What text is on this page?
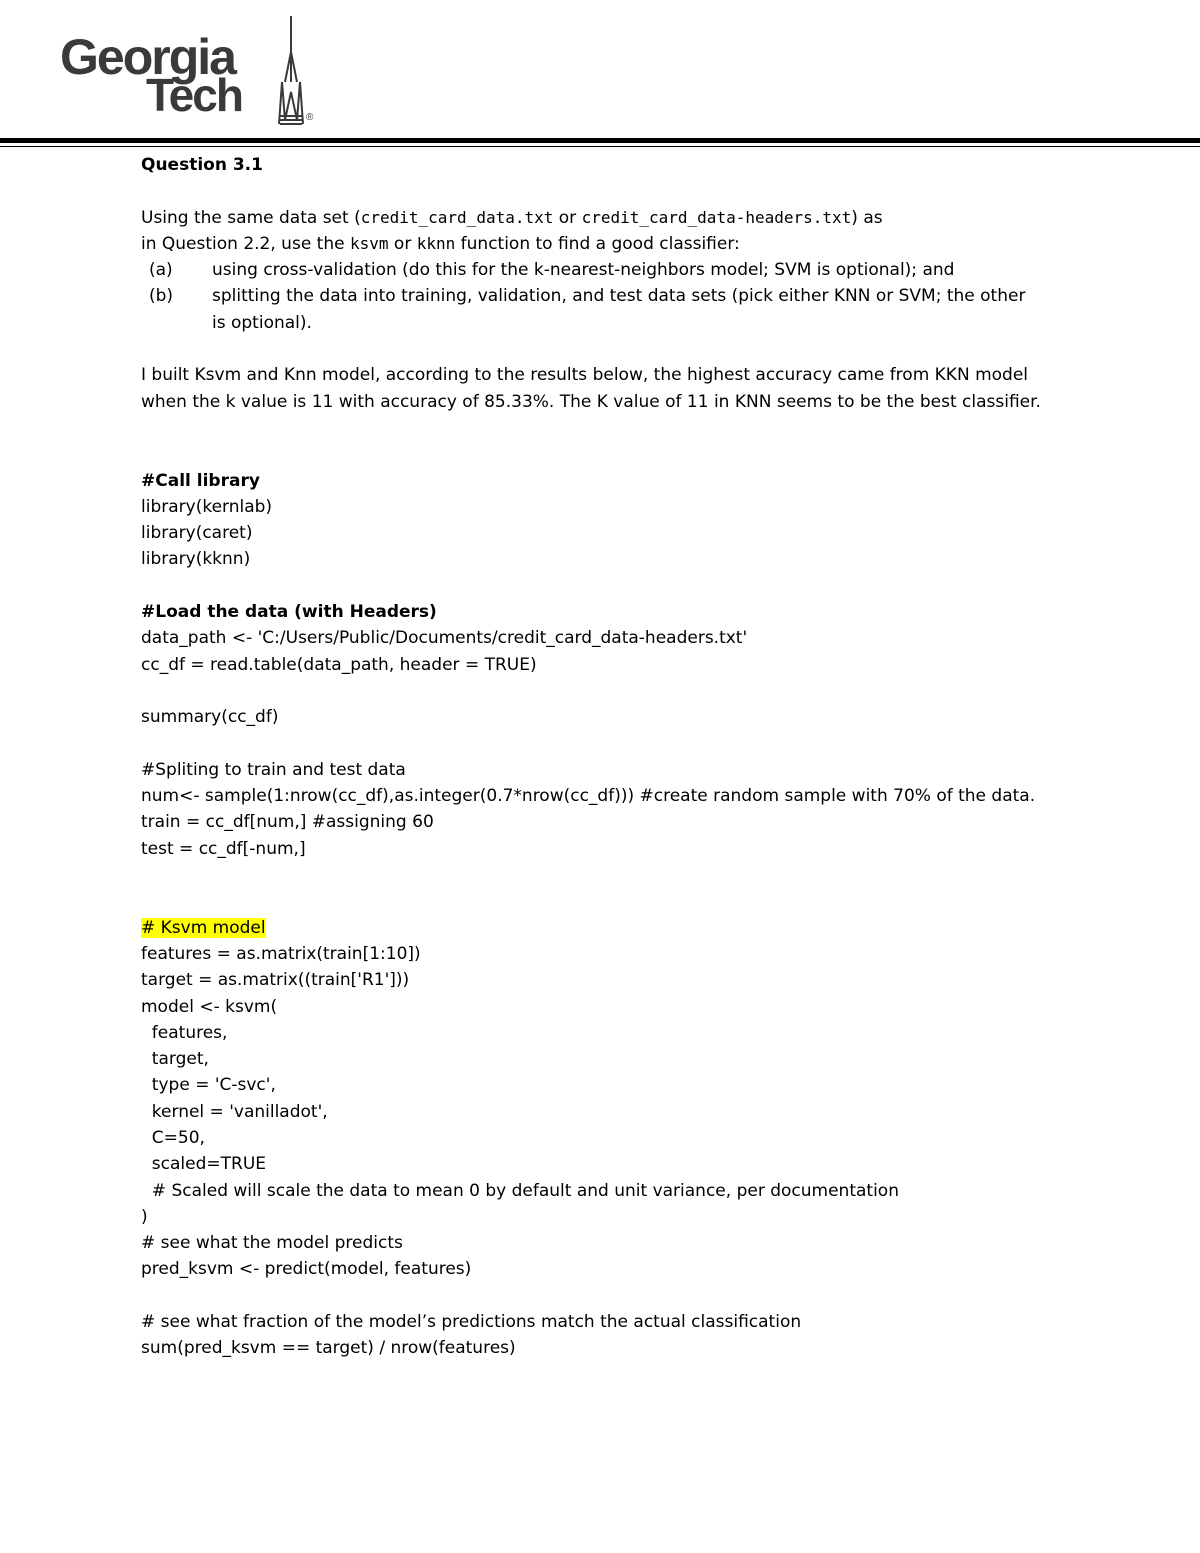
Georgia
Tech	®
Question 3.1
Using the same data set (credit_card_data.txt or credit_card_data-headers.txt) as
in Question 2.2, use the ksvm or kknn function to find a good classifier:
(a) using cross-validation (do this for the k-nearest-neighbors model; SVM is optional); and
(b) splitting the data into training, validation, and test data sets (pick either KNN or SVM; the other
is optional).
I built Ksvm and Knn model, according to the results below, the highest accuracy came from KKN model
when the k value is 11 with accuracy of 85.33%. The K value of 11 in KNN seems to be the best classifier.
#Call library
library(kernlab)
library(caret)
library(kknn)
#Load the data (with Headers)
data_path <- 'C:/Users/Public/Documents/credit_card_data-headers.txt'
cc_df = read.table(data_path, header = TRUE)
summary(cc_df)
#Spliting to train and test data
num<- sample(1:nrow(cc_df),as.integer(0.7*nrow(cc_df))) #create random sample with 70% of the data.
train = cc_df[num,] #assigning 60
test = cc_df[-num,]
# Ksvm model
features = as.matrix(train[1:10])
target = as.matrix((train['R1']))
model <- ksvm(
features,
target,
type = 'C-svc',
kernel = 'vanilladot',
C=50,
scaled=TRUE
# Scaled will scale the data to mean 0 by default and unit variance, per documentation
)
# see what the model predicts
pred_ksvm <- predict(model, features)
# see what fraction of the model’s predictions match the actual classification
sum(pred_ksvm == target) / nrow(features)
